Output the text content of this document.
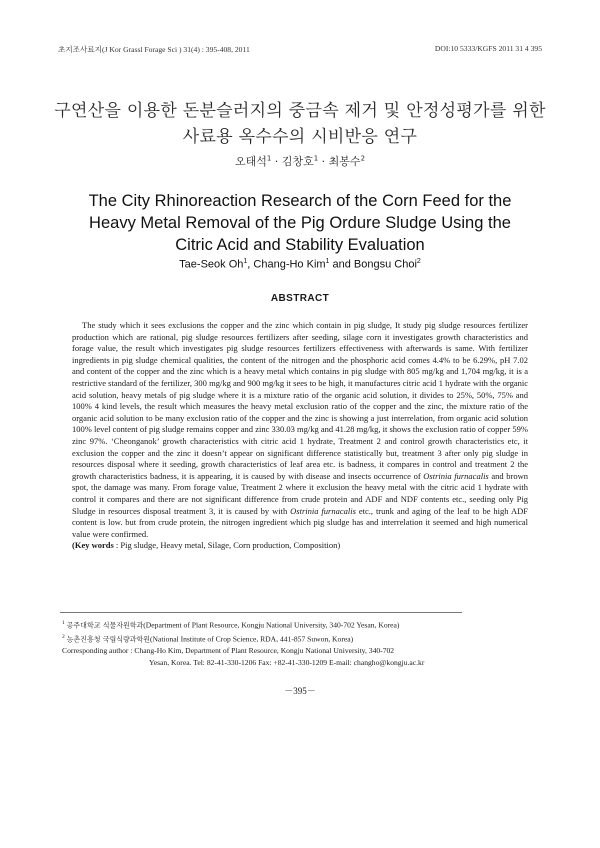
초지조사료지(J Kor Grassl Forage Sci ) 31(4) : 395-408, 2011	DOI:10 5333/KGFS 2011 31 4 395
구연산을 이용한 돈분슬러지의 중금속 제거 및 안정성평가를 위한
사료용 옥수수의 시비반응 연구
오태석$^1$ · 김창호$^1$ · 최봉수$^2$
The City Rhinoreaction Research of the Corn Feed for the
Heavy Metal Removal of the Pig Ordure Sludge Using the
Citric Acid and Stability Evaluation
Tae-Seok Oh$^1$, Chang-Ho Kim$^1$ and Bongsu Choi$^2$
ABSTRACT

The study which it sees exclusions the copper and the zinc which contain in pig sludge, It study pig sludge resources fertilizer production which are rational, pig sludge resources fertilizers after seeding, silage corn it investigates growth characteristics and forage value, the result which investigates pig sludge resources fertilizers effectiveness with afterwards is same. With fertilizer ingredients in pig sludge chemical qualities, the content of the nitrogen and the phosphoric acid comes 4.4% to be 6.29%, pH 7.02 and content of the copper and the zinc which is a heavy metal which contains in pig sludge with 805 mg/kg and 1,704 mg/kg, it is a restrictive standard of the fertilizer, 300 mg/kg and 900 mg/kg it sees to be high, it manufactures citric acid 1 hydrate with the organic acid solution, heavy metals of pig sludge where it is a mixture ratio of the organic acid solution, it divides to 25%, 50%, 75% and 100% 4 kind levels, the result which measures the heavy metal exclusion ratio of the copper and the zinc, the mixture ratio of the organic acid solution to be many exclusion ratio of the copper and the zinc is showing a just interrelation, from organic acid solution 100% level content of pig sludge remains copper and zinc 330.03 mg/kg and 41.28 mg/kg, it shows the exclusion ratio of copper 59% zinc 97%. ‘Cheonganok’ growth characteristics with citric acid 1 hydrate, Treatment 2 and control growth characteristics etc, it exclusion the copper and the zinc it doesn’t appear on significant difference statistically but, treatment 3 after only pig sludge in resources disposal where it seeding, growth characteristics of leaf area etc. is badness, it compares in control and treatment 2 the growth characteristics badness, it is appearing, it is caused by with disease and insects occurrence of Ostrinia furnacalis and brown spot, the damage was many. From forage value, Treatment 2 where it exclusion the heavy metal with the citric acid 1 hydrate with control it compares and there are not significant difference from crude protein and ADF and NDF contents etc., seeding only Pig Sludge in resources disposal treatment 3, it is caused by with Ostrinia furnacalis etc., trunk and aging of the leaf to be high ADF content is low. but from crude protein, the nitrogen ingredient which pig sludge has and interrelation it seemed and high numerical value were confirmed.

(Key words : Pig sludge, Heavy metal, Silage, Corn production, Composition)
$^1$ 공주대학교 식물자원학과(Department of Plant Resource, Kongju National University, 340-702 Yesan, Korea)
$^2$ 농촌진흥청 국립식량과학원(National Institute of Crop Science, RDA, 441-857 Suwon, Korea)
Corresponding author : Chang-Ho Kim, Department of Plant Resource, Kongju National University, 340-702
Yesan, Korea. Tel: 82-41-330-1206 Fax: +82-41-330-1209 E-mail: changho@kongju.ac.kr
－395－
